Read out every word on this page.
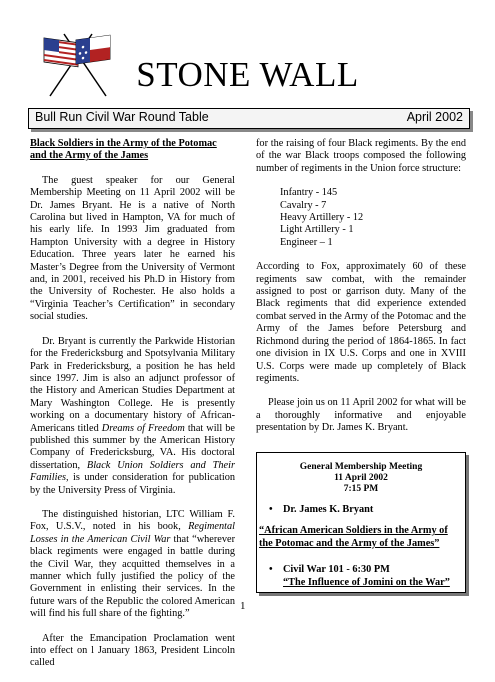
STONE WALL
Bull Run Civil War Round Table	April 2002
Black Soldiers in the Army of the Potomac and the Army of the James

The guest speaker for our General Membership Meeting on 11 April 2002 will be Dr. James Bryant. He is a native of North Carolina but lived in Hampton, VA for much of his early life. In 1993 Jim graduated from Hampton University with a degree in History Education. Three years later he earned his Master’s Degree from the University of Vermont and, in 2001, received his Ph.D in History from the University of Rochester. He also holds a “Virginia Teacher’s Certification” in secondary social studies.

Dr. Bryant is currently the Parkwide Historian for the Fredericksburg and Spotsylvania Military Park in Fredericksburg, a position he has held since 1997. Jim is also an adjunct professor of the History and American Studies Department at Mary Washington College. He is presently working on a documentary history of African-Americans titled Dreams of Freedom that will be published this summer by the American History Company of Fredericksburg, VA. His doctoral dissertation, Black Union Soldiers and Their Families, is under consideration for publication by the University Press of Virginia.

The distinguished historian, LTC William F. Fox, U.S.V., noted in his book, Regimental Losses in the American Civil War that “wherever black regiments were engaged in battle during the Civil War, they acquitted themselves in a manner which fully justified the policy of the Government in enlisting their services. In the future wars of the Republic the colored American will find his full share of the fighting.”

After the Emancipation Proclamation went into effect on l January 1863, President Lincoln called

for the raising of four Black regiments. By the end of the war Black troops composed the following number of regiments in the Union force structure:

Infantry - 145
Cavalry - 7
Heavy Artillery - 12
Light Artillery - 1
Engineer – 1

According to Fox, approximately 60 of these regiments saw combat, with the remainder assigned to post or garrison duty. Many of the Black regiments that did experience extended combat served in the Army of the Potomac and the Army of the James before Petersburg and Richmond during the period of 1864-1865. In fact one division in IX U.S. Corps and one in XVIII U.S. Corps were made up completely of Black regiments.

Please join us on 11 April 2002 for what will be a thoroughly informative and enjoyable presentation by Dr. James K. Bryant.

General Membership Meeting
11 April 2002
7:15 PM
• Dr. James K. Bryant
“African American Soldiers in the Army of the Potomac and the Army of the James”
• Civil War 101 - 6:30 PM
“The Influence of Jomini on the War”
1
